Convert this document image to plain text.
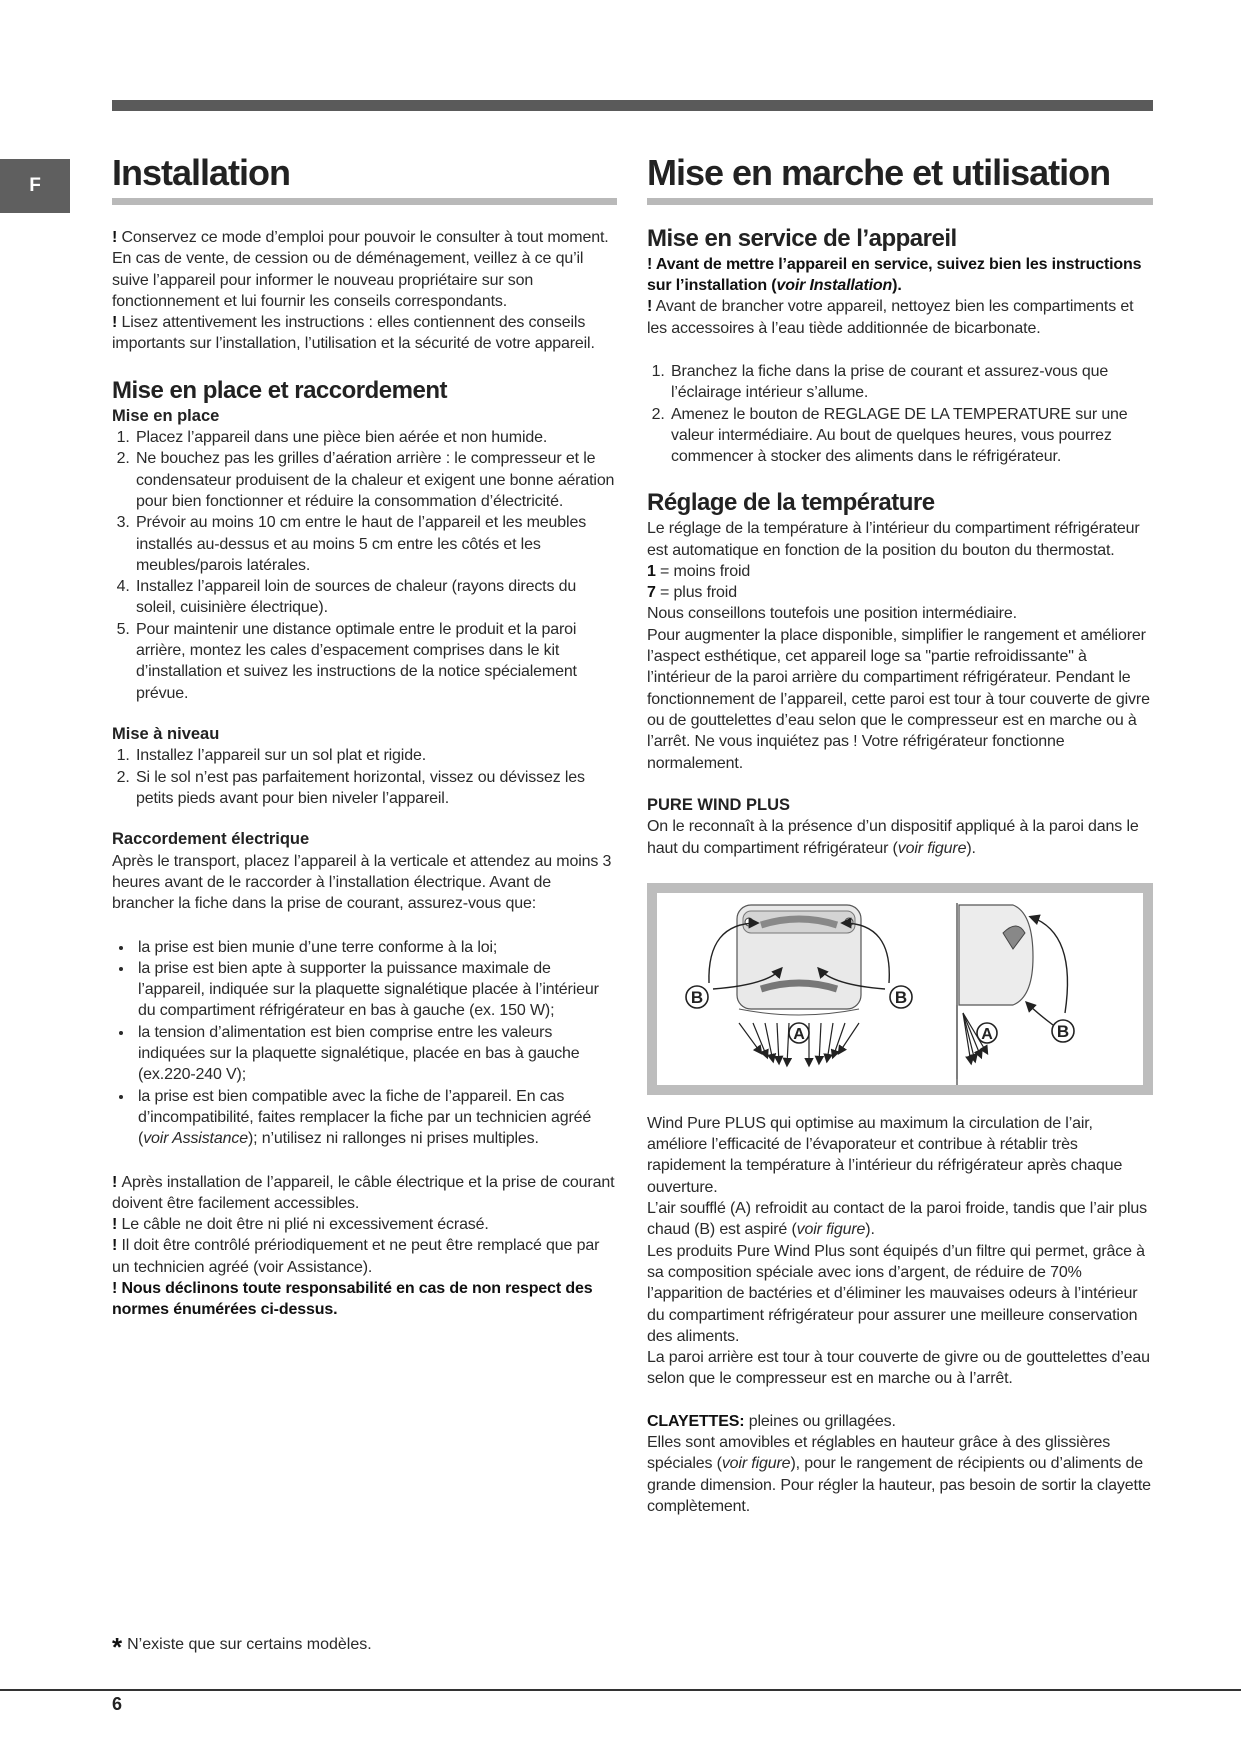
F	Installation

! Conservez ce mode d’emploi pour pouvoir le consulter à tout moment. En cas de vente, de cession ou de déménagement, veillez à ce qu’il suive l’appareil pour informer le nouveau propriétaire sur son fonctionnement et lui fournir les conseils correspondants.

! Lisez attentivement les instructions : elles contiennent des conseils importants sur l’installation, l’utilisation et la sécurité de votre appareil.

Mise en place et raccordement
Mise en place
1. Placez l’appareil dans une pièce bien aérée et non humide.
2. Ne bouchez pas les grilles d’aération arrière : le compresseur et le condensateur produisent de la chaleur et exigent une bonne aération pour bien fonctionner et réduire la consommation d’électricité.
3. Prévoir au moins 10 cm entre le haut de l’appareil et les meubles installés au-dessus et au moins 5 cm entre les côtés et les meubles/parois latérales.
4. Installez l’appareil loin de sources de chaleur (rayons directs du soleil, cuisinière électrique).
5. Pour maintenir une distance optimale entre le produit et la paroi arrière, montez les cales d’espacement comprises dans le kit d’installation et suivez les instructions de la notice spécialement prévue.
Mise à niveau
1. Installez l’appareil sur un sol plat et rigide.
2. Si le sol n’est pas parfaitement horizontal, vissez ou dévissez les petits pieds avant pour bien niveler l’appareil.
Raccordement électrique

Après le transport, placez l’appareil à la verticale et attendez au moins 3 heures avant de le raccorder à l’installation électrique. Avant de brancher la fiche dans la prise de courant, assurez-vous que:

• la prise est bien munie d’une terre conforme à la loi;
• la prise est bien apte à supporter la puissance maximale de l’appareil, indiquée sur la plaquette signalétique placée à l’intérieur du compartiment réfrigérateur en bas à gauche (ex. 150 W);
• la tension d’alimentation est bien comprise entre les valeurs indiquées sur la plaquette signalétique, placée en bas à gauche (ex.220-240 V);
• la prise est bien compatible avec la fiche de l’appareil. En cas d’incompatibilité, faites remplacer la fiche par un technicien agréé (voir Assistance); n’utilisez ni rallonges ni prises multiples.

! Après installation de l’appareil, le câble électrique et la prise de courant doivent être facilement accessibles.

! Le câble ne doit être ni plié ni excessivement écrasé.

! Il doit être contrôlé prériodiquement et ne peut être remplacé que par un technicien agréé (voir Assistance).

! Nous déclinons toute responsabilité en cas de non respect des normes énumérées ci-dessus.

Mise en marche et utilisation
Mise en service de l’appareil

! Avant de mettre l’appareil en service, suivez bien les instructions sur l’installation (voir Installation).

! Avant de brancher votre appareil, nettoyez bien les compartiments et les accessoires à l’eau tiède additionnée de bicarbonate.

1. Branchez la fiche dans la prise de courant et assurez-vous que l’éclairage intérieur s’allume.
2. Amenez le bouton de REGLAGE DE LA TEMPERATURE sur une valeur intermédiaire. Au bout de quelques heures, vous pourrez commencer à stocker des aliments dans le réfrigérateur.
Réglage de la température

Le réglage de la température à l’intérieur du compartiment réfrigérateur est automatique en fonction de la position du bouton du thermostat.

1 = moins froid

7 = plus froid

Nous conseillons toutefois une position intermédiaire.

Pour augmenter la place disponible, simplifier le rangement et améliorer l’aspect esthétique, cet appareil loge sa "partie refroidissante" à l’intérieur de la paroi arrière du compartiment réfrigérateur. Pendant le fonctionnement de l’appareil, cette paroi est tour à tour couverte de givre ou de gouttelettes d’eau selon que le compresseur est en marche ou à l’arrêt. Ne vous inquiétez pas ! Votre réfrigérateur fonctionne normalement.

PURE WIND PLUS

On le reconnaît à la présence d’un dispositif appliqué à la paroi dans le haut du compartiment réfrigérateur (voir figure).

B	B
A	A	B

Wind Pure PLUS qui optimise au maximum la circulation de l’air, améliore l’efficacité de l’évaporateur et contribue à rétablir très rapidement la température à l’intérieur du réfrigérateur après chaque ouverture.

L’air soufflé (A) refroidit au contact de la paroi froide, tandis que l’air plus chaud (B) est aspiré (voir figure).

Les produits Pure Wind Plus sont équipés d’un filtre qui permet, grâce à sa composition spéciale avec ions d’argent, de réduire de 70% l’apparition de bactéries et d’éliminer les mauvaises odeurs à l’intérieur du compartiment réfrigérateur pour assurer une meilleure conservation des aliments.

La paroi arrière est tour à tour couverte de givre ou de gouttelettes d’eau selon que le compresseur est en marche ou à l’arrêt.

CLAYETTES: pleines ou grillagées.

Elles sont amovibles et réglables en hauteur grâce à des glissières spéciales (voir figure), pour le rangement de récipients ou d’aliments de grande dimension. Pour régler la hauteur, pas besoin de sortir la clayette complètement.

* N’existe que sur certains modèles.
6
